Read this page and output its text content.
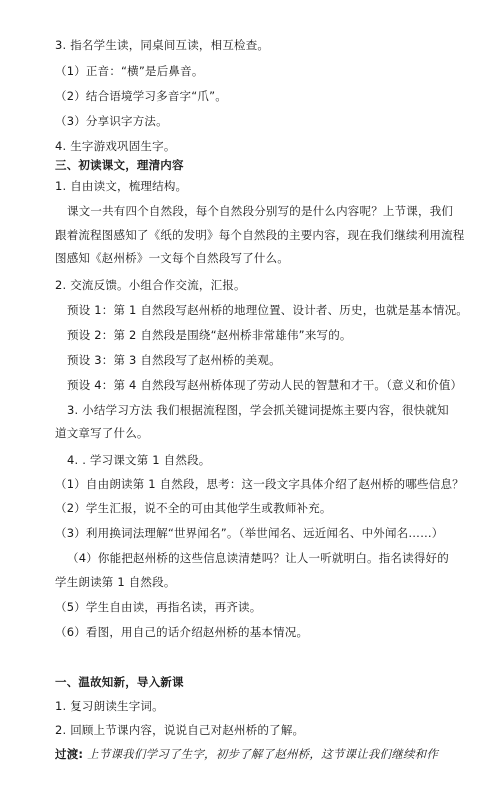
3. 指名学生读，同桌间互读，相互检查。
（1）正音：“横”是后鼻音。
（2）结合语境学习多音字“爪”。
（3）分享识字方法。
4. 生字游戏巩固生字。
三、初读课文，理清内容
1. 自由读文，梳理结构。
课文一共有四个自然段，每个自然段分别写的是什么内容呢？上节课，我们
跟着流程图感知了《纸的发明》每个自然段的主要内容，现在我们继续利用流程
图感知《赵州桥》一文每个自然段写了什么。
2. 交流反馈。小组合作交流，汇报。
预设 1：第 1 自然段写赵州桥的地理位置、设计者、历史，也就是基本情况。
预设 2：第 2 自然段是围绕“赵州桥非常雄伟”来写的。
预设 3：第 3 自然段写了赵州桥的美观。
预设 4：第 4 自然段写赵州桥体现了劳动人民的智慧和才干。（意义和价值）
3. 小结学习方法 我们根据流程图，学会抓关键词提炼主要内容，很快就知
道文章写了什么。
4. . 学习课文第 1 自然段。
（1）自由朗读第 1 自然段，思考：这一段文字具体介绍了赵州桥的哪些信息？
（2）学生汇报，说不全的可由其他学生或教师补充。
（3）利用换词法理解“世界闻名”。（举世闻名、远近闻名、中外闻名……）
（4）你能把赵州桥的这些信息读清楚吗？让人一听就明白。指名读得好的
学生朗读第 1 自然段。
（5）学生自由读，再指名读，再齐读。
（6）看图，用自己的话介绍赵州桥的基本情况。
一、温故知新，导入新课
1. 复习朗读生字词。
2. 回顾上节课内容，说说自己对赵州桥的了解。
过渡: 上节课我们学习了生字，初步了解了赵州桥，这节课让我们继续和作
